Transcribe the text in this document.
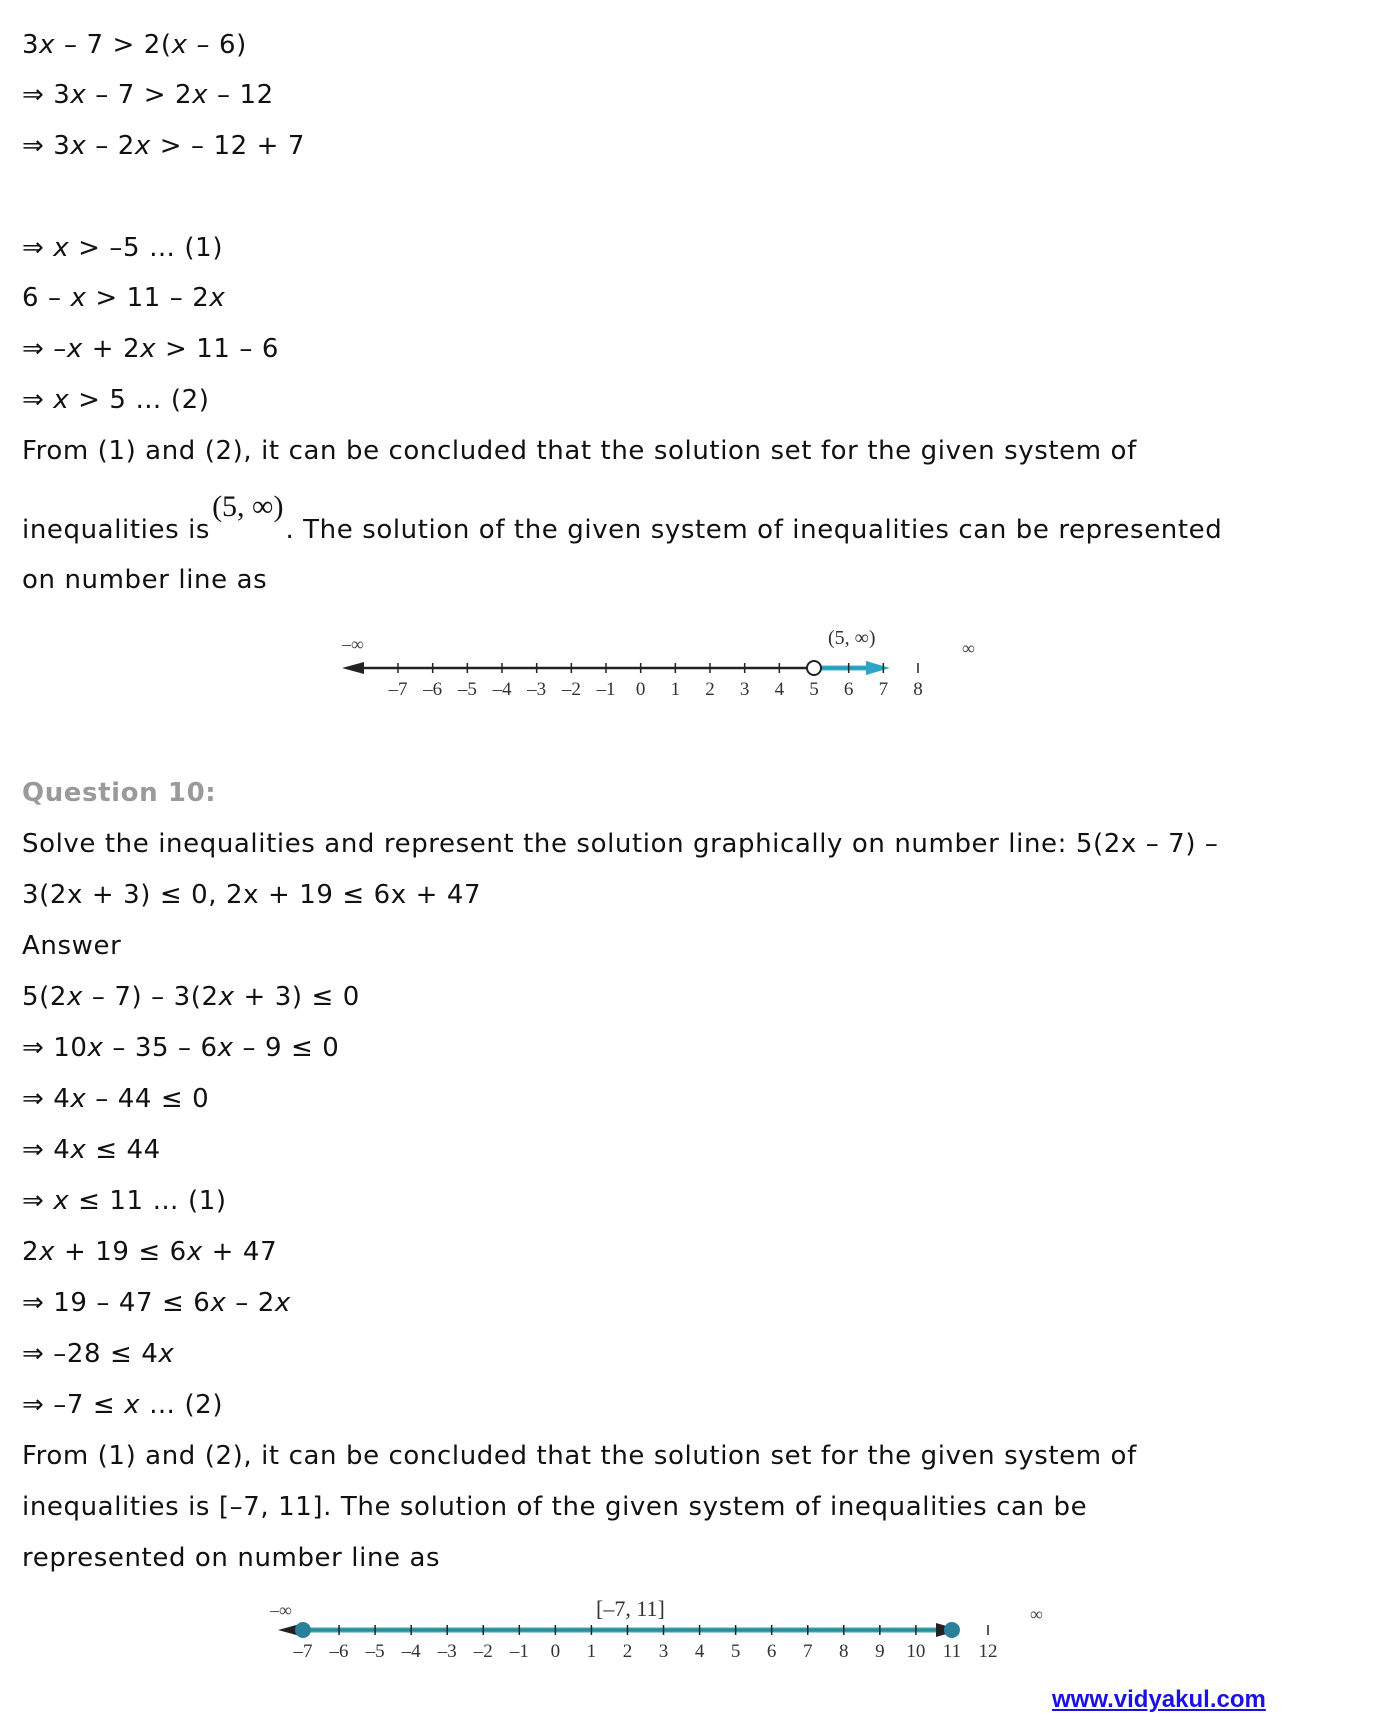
3x – 7 > 2(x – 6)
⇒ 3x – 7 > 2x – 12
⇒ 3x – 2x > – 12 + 7
⇒ x > –5 … (1)
6 – x > 11 – 2x
⇒ –x + 2x > 11 – 6
⇒ x > 5 … (2)
From (1) and (2), it can be concluded that the solution set for the given system of
inequalities is(5, ∞). The solution of the given system of inequalities can be represented
on number line as
–∞	∞
(5, ∞)
–7 –6 –5 –4 –3 –2 –1 0 1 2 3 4 5 6 7 8
Question 10:
Solve the inequalities and represent the solution graphically on number line: 5(2x – 7) –
3(2x + 3) ≤ 0, 2x + 19 ≤ 6x + 47
Answer
5(2x – 7) – 3(2x + 3) ≤ 0
⇒ 10x – 35 – 6x – 9 ≤ 0
⇒ 4x – 44 ≤ 0
⇒ 4x ≤ 44
⇒ x ≤ 11 … (1)
2x + 19 ≤ 6x + 47
⇒ 19 – 47 ≤ 6x – 2x
⇒ –28 ≤ 4x
⇒ –7 ≤ x … (2)
From (1) and (2), it can be concluded that the solution set for the given system of
inequalities is [–7, 11]. The solution of the given system of inequalities can be
represented on number line as
–∞	∞
[–7, 11]
–7 –6 –5 –4 –3 –2 –1 0 1 2 3 4 5 6 7 8 9 10 11 12
www.vidyakul.com
